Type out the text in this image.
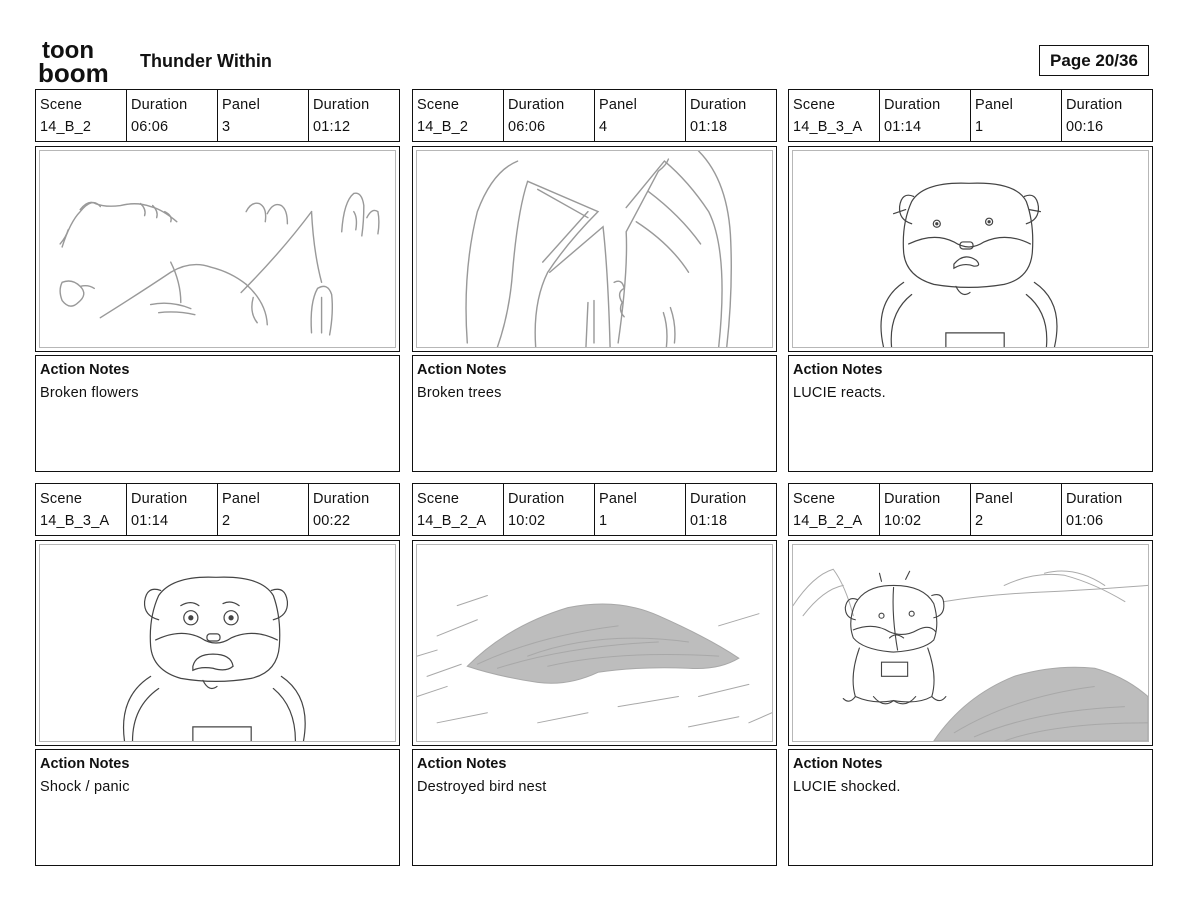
toon
boom Thunder Within	Page 20/36
Scene
14_B_2
Duration
06:06
Panel
3
Duration
01:12
Action Notes
Broken flowers
Scene
14_B_2
Duration
06:06
Panel
4
Duration
01:18
Action Notes
Broken trees
Scene
14_B_3_A
Duration
01:14
Panel
1
Duration
00:16
Action Notes
LUCIE reacts.
Scene
14_B_3_A
Duration
01:14
Panel
2
Duration
00:22
Action Notes
Shock / panic
Scene
14_B_2_A
Duration
10:02
Panel
1
Duration
01:18
Action Notes
Destroyed bird nest
Scene
14_B_2_A
Duration
10:02
Panel
2
Duration
01:06
Action Notes
LUCIE shocked.
